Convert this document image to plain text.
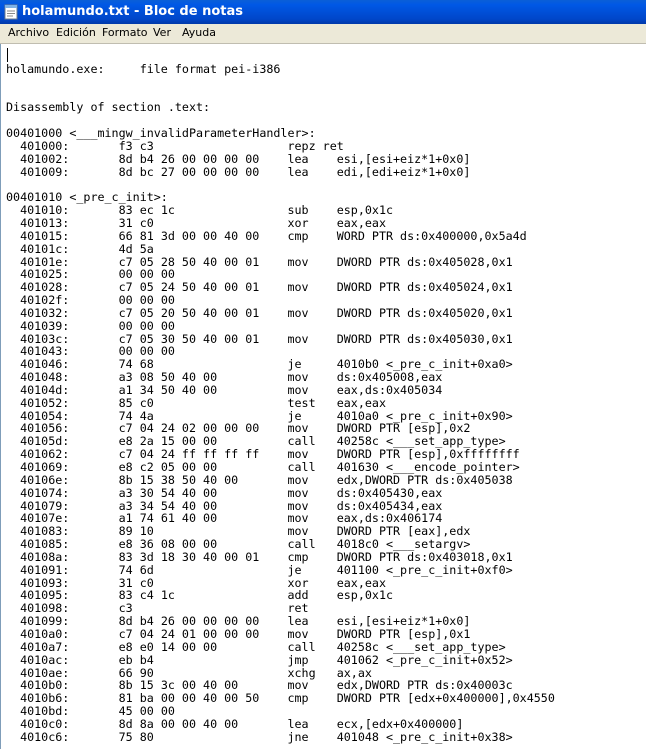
holamundo.txt - Bloc de notas
Archivo Edición Formato Ver Ayuda

holamundo.exe:     file format pei-i386

Disassembly of section .text:

00401000 <___mingw_invalidParameterHandler>:
401000:	f3 c3	repz ret
401002:	8d b4 26 00 00 00 00	lea    esi,[esi+eiz*1+0x0]
401009:	8d bc 27 00 00 00 00	lea    edi,[edi+eiz*1+0x0]

00401010 <_pre_c_init>:
401010:	83 ec 1c	sub    esp,0x1c
401013:	31 c0	xor    eax,eax
401015:	66 81 3d 00 00 40 00	cmp    WORD PTR ds:0x400000,0x5a4d
40101c:	4d 5a
40101e:	c7 05 28 50 40 00 01	mov    DWORD PTR ds:0x405028,0x1
401025:	00 00 00
401028:	c7 05 24 50 40 00 01	mov    DWORD PTR ds:0x405024,0x1
40102f:	00 00 00
401032:	c7 05 20 50 40 00 01	mov    DWORD PTR ds:0x405020,0x1
401039:	00 00 00
40103c:	c7 05 30 50 40 00 01	mov    DWORD PTR ds:0x405030,0x1
401043:	00 00 00
401046:	74 68	je     4010b0 <_pre_c_init+0xa0>
401048:	a3 08 50 40 00	mov    ds:0x405008,eax
40104d:	a1 34 50 40 00	mov    eax,ds:0x405034
401052:	85 c0	test   eax,eax
401054:	74 4a	je     4010a0 <_pre_c_init+0x90>
401056:	c7 04 24 02 00 00 00	mov    DWORD PTR [esp],0x2
40105d:	e8 2a 15 00 00	call   40258c <___set_app_type>
401062:	c7 04 24 ff ff ff ff	mov    DWORD PTR [esp],0xffffffff
401069:	e8 c2 05 00 00	call   401630 <___encode_pointer>
40106e:	8b 15 38 50 40 00	mov    edx,DWORD PTR ds:0x405038
401074:	a3 30 54 40 00	mov    ds:0x405430,eax
401079:	a3 34 54 40 00	mov    ds:0x405434,eax
40107e:	a1 74 61 40 00	mov    eax,ds:0x406174
401083:	89 10	mov    DWORD PTR [eax],edx
401085:	e8 36 08 00 00	call   4018c0 <___setargv>
40108a:	83 3d 18 30 40 00 01	cmp    DWORD PTR ds:0x403018,0x1
401091:	74 6d	je     401100 <_pre_c_init+0xf0>
401093:	31 c0	xor    eax,eax
401095:	83 c4 1c	add    esp,0x1c
401098:	c3	ret
401099:	8d b4 26 00 00 00 00	lea    esi,[esi+eiz*1+0x0]
4010a0:	c7 04 24 01 00 00 00	mov    DWORD PTR [esp],0x1
4010a7:	e8 e0 14 00 00	call   40258c <___set_app_type>
4010ac:	eb b4	jmp    401062 <_pre_c_init+0x52>
4010ae:	66 90	xchg   ax,ax
4010b0:	8b 15 3c 00 40 00	mov    edx,DWORD PTR ds:0x40003c
4010b6:	81 ba 00 00 40 00 50	cmp    DWORD PTR [edx+0x400000],0x4550
4010bd:	45 00 00
4010c0:	8d 8a 00 00 40 00	lea    ecx,[edx+0x400000]
4010c6:	75 80	jne    401048 <_pre_c_init+0x38>
